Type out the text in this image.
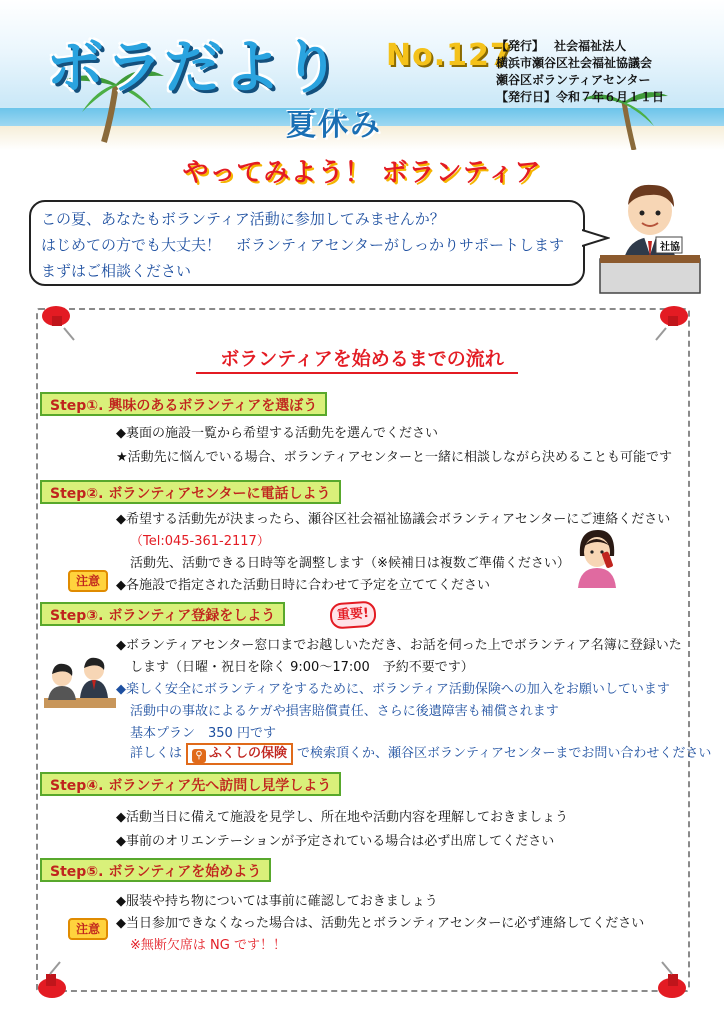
ボラだより No.127
【発行】　 社会福祉法人
横浜市瀬谷区社会福祉協議会
瀬谷区ボランティアセンター
【発行日】令和７年６月１１日
夏休み
やってみよう！ ボランティア
この夏、あなたもボランティア活動に参加してみませんか？
はじめての方でも大丈夫！　ボランティアセンターがしっかりサポートします
まずはご相談ください
社協
ボランティアを始めるまでの流れ
Step①. 興味のあるボランティアを選ぼう
◆裏面の施設一覧から希望する活動先を選んでください
★活動先に悩んでいる場合、ボランティアセンターと一緒に相談しながら決めることも可能です
Step②. ボランティアセンターに電話しよう
◆希望する活動先が決まったら、瀬谷区社会福祉協議会ボランティアセンターにご連絡ください
（Tel:045-361-2117）
活動先、活動できる日時等を調整します（※候補日は複数ご準備ください）
注意	◆各施設で指定された活動日時に合わせて予定を立ててください
Step③. ボランティア登録をしよう	重要!
◆ボランティアセンター窓口までお越しいただき、お話を伺った上でボランティア名簿に登録いた
します（日曜・祝日を除く 9:00～17:00　予約不要です）
◆楽しく安全にボランティアをするために、ボランティア活動保険への加入をお願いしています
活動中の事故によるケガや損害賠償責任、さらに後遺障害も補償されます
基本プラン　350 円です
詳しくは ⚲ ふくしの保険 で検索頂くか、瀬谷区ボランティアセンターまでお問い合わせください
Step④. ボランティア先へ訪問し見学しよう
◆活動当日に備えて施設を見学し、所在地や活動内容を理解しておきましょう
◆事前のオリエンテーションが予定されている場合は必ず出席してください
Step⑤. ボランティアを始めよう
◆服装や持ち物については事前に確認しておきましょう
注意	◆当日参加できなくなった場合は、活動先とボランティアセンターに必ず連絡してください
※無断欠席は NG です！！
